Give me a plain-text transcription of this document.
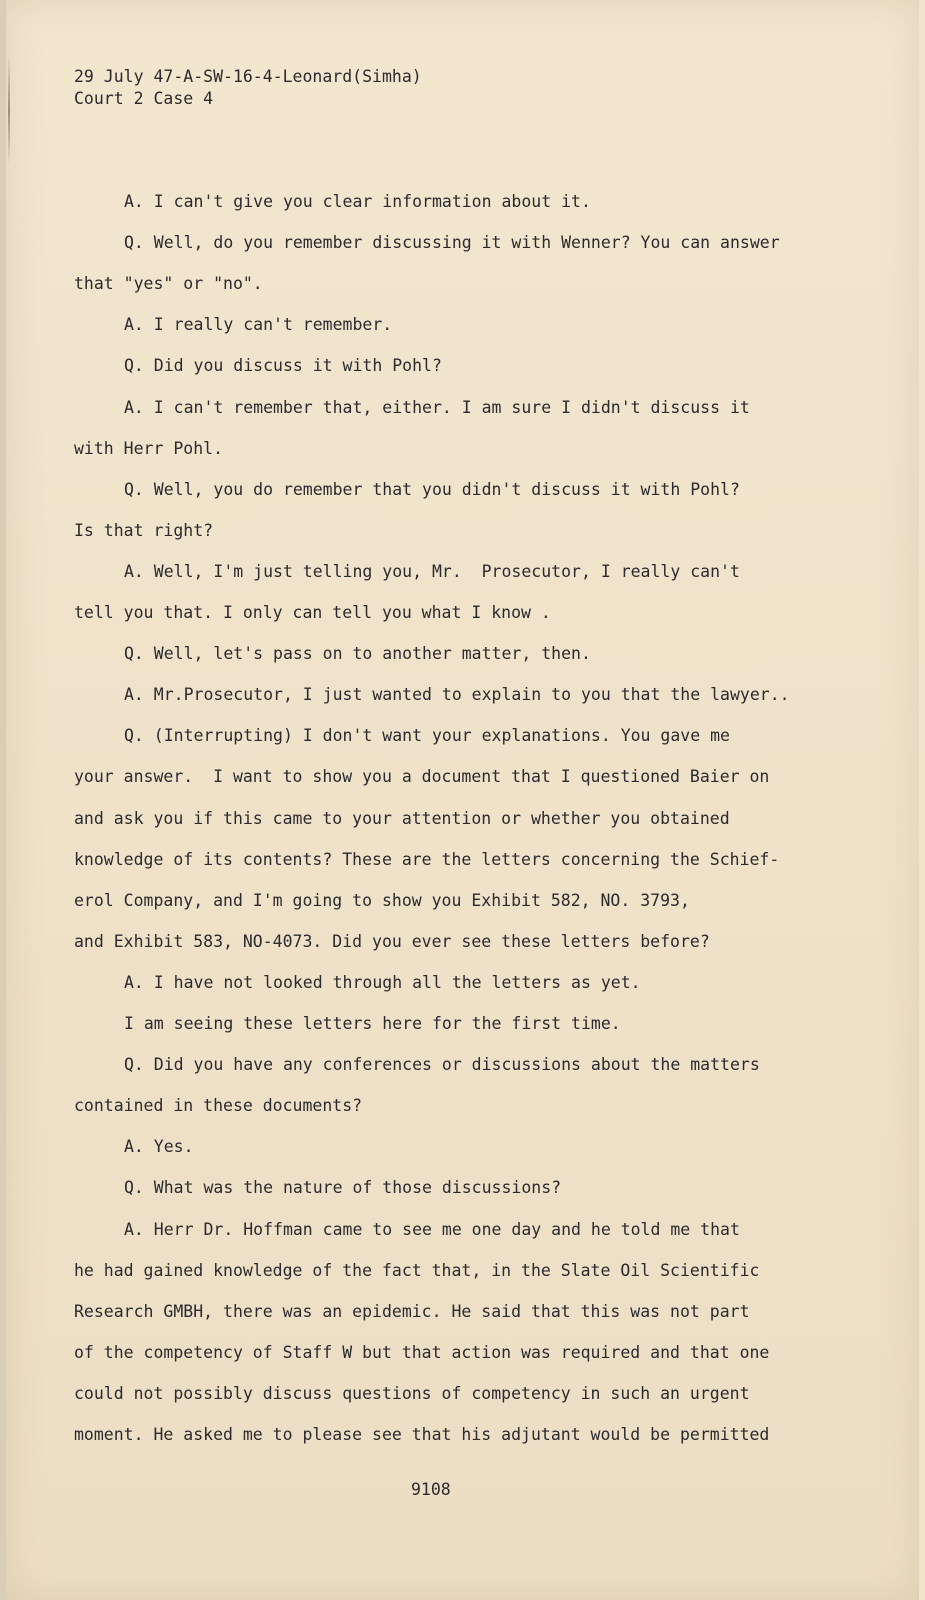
29 July 47-A-SW-16-4-Leonard(Simha)
Court 2 Case 4
A. I can't give you clear information about it.
Q. Well, do you remember discussing it with Wenner? You can answer
that "yes" or "no".
A. I really can't remember.
Q. Did you discuss it with Pohl?
A. I can't remember that, either. I am sure I didn't discuss it
with Herr Pohl.
Q. Well, you do remember that you didn't discuss it with Pohl?
Is that right?
A. Well, I'm just telling you, Mr.  Prosecutor, I really can't
tell you that. I only can tell you what I know .
Q. Well, let's pass on to another matter, then.
A. Mr.Prosecutor, I just wanted to explain to you that the lawyer..
Q. (Interrupting) I don't want your explanations. You gave me
your answer.  I want to show you a document that I questioned Baier on
and ask you if this came to your attention or whether you obtained
knowledge of its contents? These are the letters concerning the Schief-
erol Company, and I'm going to show you Exhibit 582, NO. 3793,
and Exhibit 583, NO-4073. Did you ever see these letters before?
A. I have not looked through all the letters as yet.
I am seeing these letters here for the first time.
Q. Did you have any conferences or discussions about the matters
contained in these documents?
A. Yes.
Q. What was the nature of those discussions?
A. Herr Dr. Hoffman came to see me one day and he told me that
he had gained knowledge of the fact that, in the Slate Oil Scientific
Research GMBH, there was an epidemic. He said that this was not part
of the competency of Staff W but that action was required and that one
could not possibly discuss questions of competency in such an urgent
moment. He asked me to please see that his adjutant would be permitted
9108
